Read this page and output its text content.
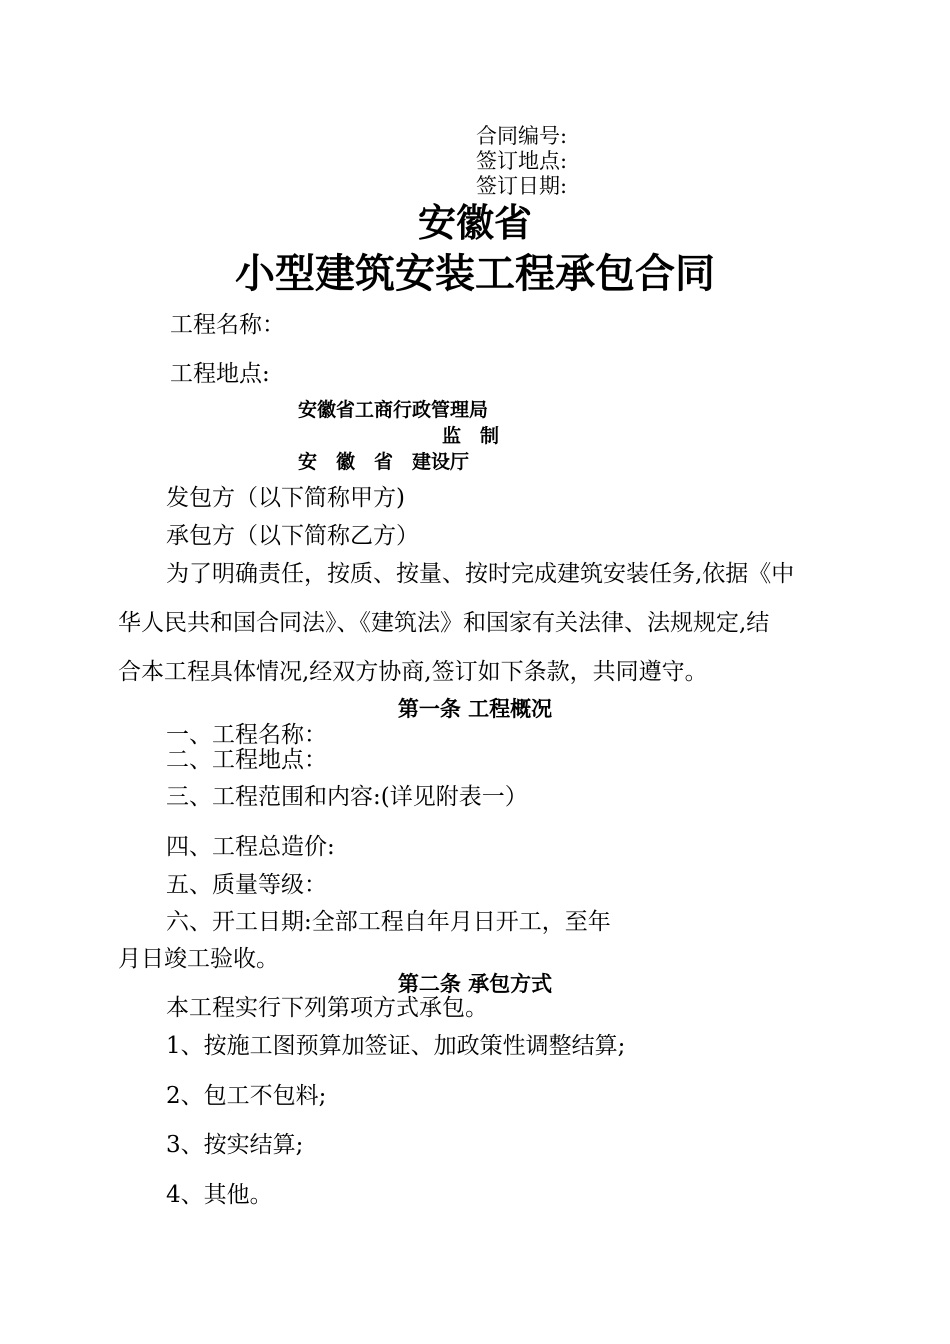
合同编号:
签订地点:
签订日期:
安徽省
小型建筑安装工程承包合同
工程名称：
工程地点:
安徽省工商行政管理局
监　制
安　徽　省　建设厅
发包方（以下简称甲方)
承包方（以下简称乙方）
为了明确责任，按质、按量、按时完成建筑安装任务,依据《中
华人民共和国合同法》、《建筑法》和国家有关法律、法规规定,结
合本工程具体情况,经双方协商,签订如下条款，共同遵守。
第一条 工程概况
一、工程名称：
二、工程地点：
三、工程范围和内容:(详见附表一）
四、工程总造价:
五、质量等级：
六、开工日期:全部工程自年月日开工，至年
月日竣工验收。
第二条 承包方式
本工程实行下列第项方式承包。
1、按施工图预算加签证、加政策性调整结算;
2、包工不包料;
3、按实结算;
4、其他。
